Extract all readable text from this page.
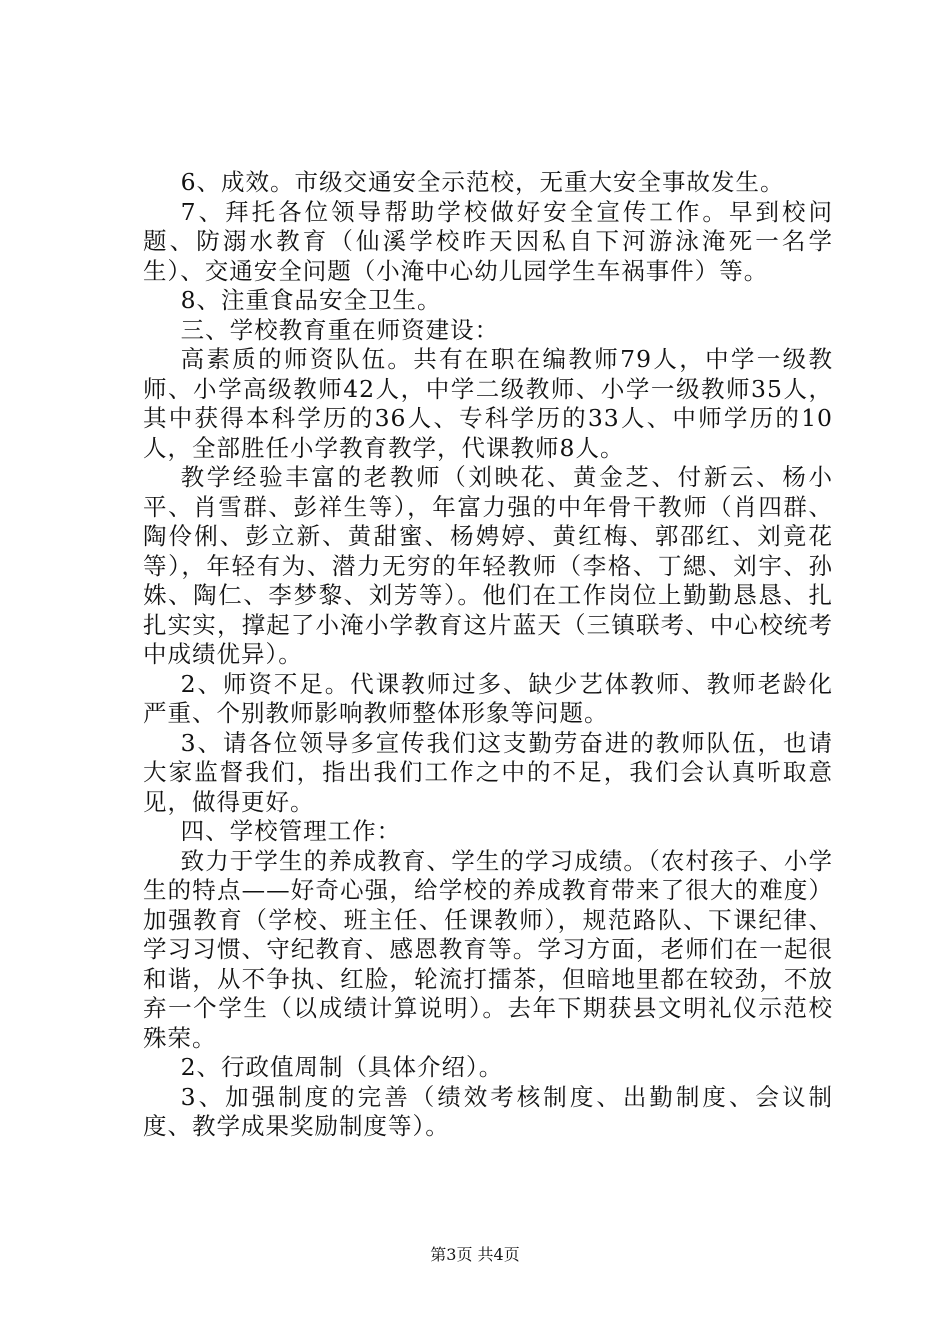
6、成效。市级交通安全示范校，无重大安全事故发生。

7、拜托各位领导帮助学校做好安全宣传工作。早到校问题、防溺水教育（仙溪学校昨天因私自下河游泳淹死一名学生）、交通安全问题（小淹中心幼儿园学生车祸事件）等。

8、注重食品安全卫生。

三、学校教育重在师资建设：

高素质的师资队伍。共有在职在编教师79人，中学一级教师、小学高级教师42人，中学二级教师、小学一级教师35人，其中获得本科学历的36人、专科学历的33人、中师学历的10人，全部胜任小学教育教学，代课教师8人。

教学经验丰富的老教师（刘映花、黄金芝、付新云、杨小平、肖雪群、彭祥生等），年富力强的中年骨干教师（肖四群、陶伶俐、彭立新、黄甜蜜、杨娉婷、黄红梅、郭邵红、刘竟花等），年轻有为、潜力无穷的年轻教师（李格、丁緦、刘宇、孙姝、陶仁、李梦黎、刘芳等）。他们在工作岗位上勤勤恳恳、扎扎实实，撑起了小淹小学教育这片蓝天（三镇联考、中心校统考中成绩优异）。

2、师资不足。代课教师过多、缺少艺体教师、教师老龄化严重、个别教师影响教师整体形象等问题。

3、请各位领导多宣传我们这支勤劳奋进的教师队伍，也请大家监督我们，指出我们工作之中的不足，我们会认真听取意见，做得更好。

四、学校管理工作：

致力于学生的养成教育、学生的学习成绩。（农村孩子、小学生的特点——好奇心强，给学校的养成教育带来了很大的难度）加强教育（学校、班主任、任课教师），规范路队、下课纪律、学习习惯、守纪教育、感恩教育等。学习方面，老师们在一起很和谐，从不争执、红脸，轮流打擂茶，但暗地里都在较劲，不放弃一个学生（以成绩计算说明）。去年下期获县文明礼仪示范校殊荣。

2、行政值周制（具体介绍）。

3、加强制度的完善（绩效考核制度、出勤制度、会议制度、教学成果奖励制度等）。

第3页 共4页
